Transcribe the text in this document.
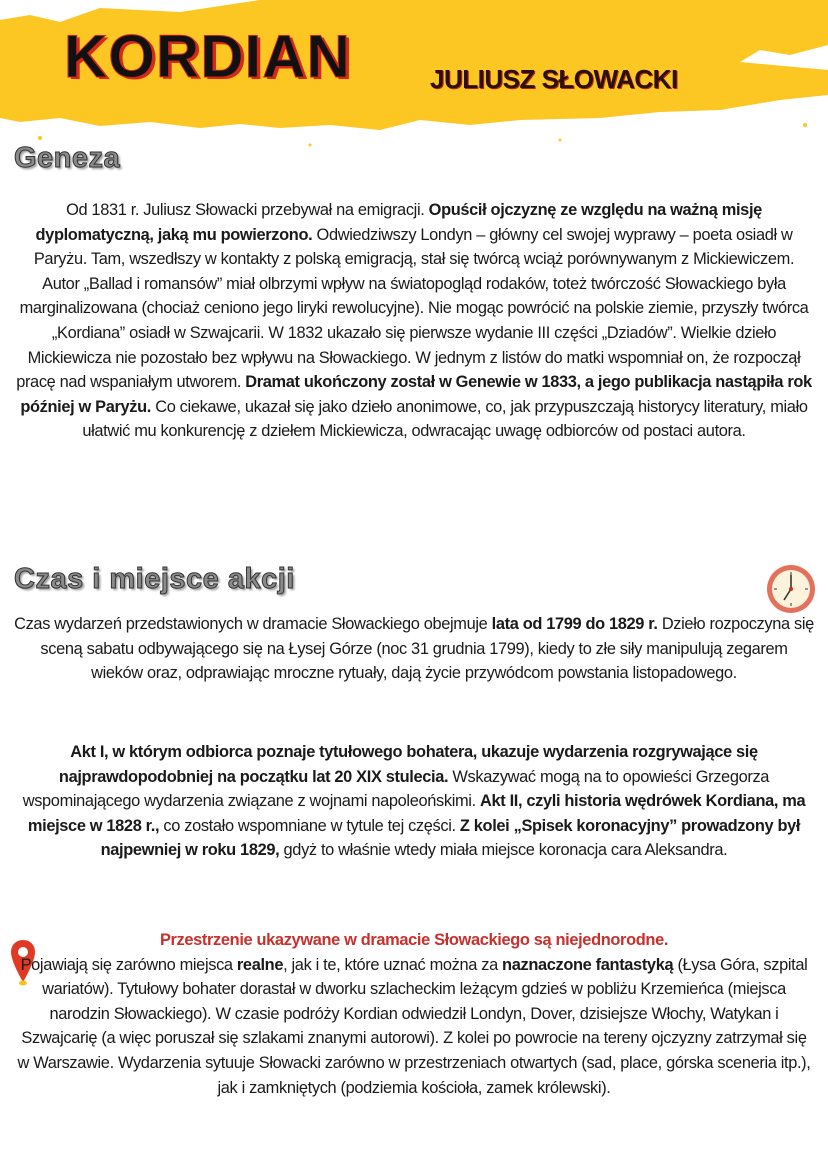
KORDIAN	JULIUSZ SŁOWACKI
Geneza
Od 1831 r. Juliusz Słowacki przebywał na emigracji. Opuścił ojczyznę ze względu na ważną misję dyplomatyczną, jaką mu powierzono. Odwiedziwszy Londyn – główny cel swojej wyprawy – poeta osiadł w Paryżu. Tam, wszedłszy w kontakty z polską emigracją, stał się twórcą wciąż porównywanym z Mickiewiczem. Autor „Ballad i romansów” miał olbrzymi wpływ na światopogląd rodaków, toteż twórczość Słowackiego była marginalizowana (chociaż ceniono jego liryki rewolucyjne). Nie mogąc powrócić na polskie ziemie, przyszły twórca „Kordiana” osiadł w Szwajcarii. W 1832 ukazało się pierwsze wydanie III części „Dziadów”. Wielkie dzieło Mickiewicza nie pozostało bez wpływu na Słowackiego. W jednym z listów do matki wspomniał on, że rozpoczął pracę nad wspaniałym utworem. Dramat ukończony został w Genewie w 1833, a jego publikacja nastąpiła rok później w Paryżu. Co ciekawe, ukazał się jako dzieło anonimowe, co, jak przypuszczają historycy literatury, miało ułatwić mu konkurencję z dziełem Mickiewicza, odwracając uwagę odbiorców od postaci autora.
Czas i miejsce akcji
Czas wydarzeń przedstawionych w dramacie Słowackiego obejmuje lata od 1799 do 1829 r. Dzieło rozpoczyna się sceną sabatu odbywającego się na Łysej Górze (noc 31 grudnia 1799), kiedy to złe siły manipulują zegarem wieków oraz, odprawiając mroczne rytuały, dają życie przywódcom powstania listopadowego.
Akt I, w którym odbiorca poznaje tytułowego bohatera, ukazuje wydarzenia rozgrywające się najprawdopodobniej na początku lat 20 XIX stulecia. Wskazywać mogą na to opowieści Grzegorza wspominającego wydarzenia związane z wojnami napoleońskimi. Akt II, czyli historia wędrówek Kordiana, ma miejsce w 1828 r., co zostało wspomniane w tytule tej części. Z kolei „Spisek koronacyjny” prowadzony był najpewniej w roku 1829, gdyż to właśnie wtedy miała miejsce koronacja cara Aleksandra.
Przestrzenie ukazywane w dramacie Słowackiego są niejednorodne.
Pojawiają się zarówno miejsca realne, jak i te, które uznać można za naznaczone fantastyką (Łysa Góra, szpital wariatów). Tytułowy bohater dorastał w dworku szlacheckim leżącym gdzieś w pobliżu Krzemieńca (miejsca narodzin Słowackiego). W czasie podróży Kordian odwiedził Londyn, Dover, dzisiejsze Włochy, Watykan i Szwajcarię (a więc poruszał się szlakami znanymi autorowi). Z kolei po powrocie na tereny ojczyzny zatrzymał się w Warszawie. Wydarzenia sytuuje Słowacki zarówno w przestrzeniach otwartych (sad, place, górska sceneria itp.), jak i zamkniętych (podziemia kościoła, zamek królewski).
